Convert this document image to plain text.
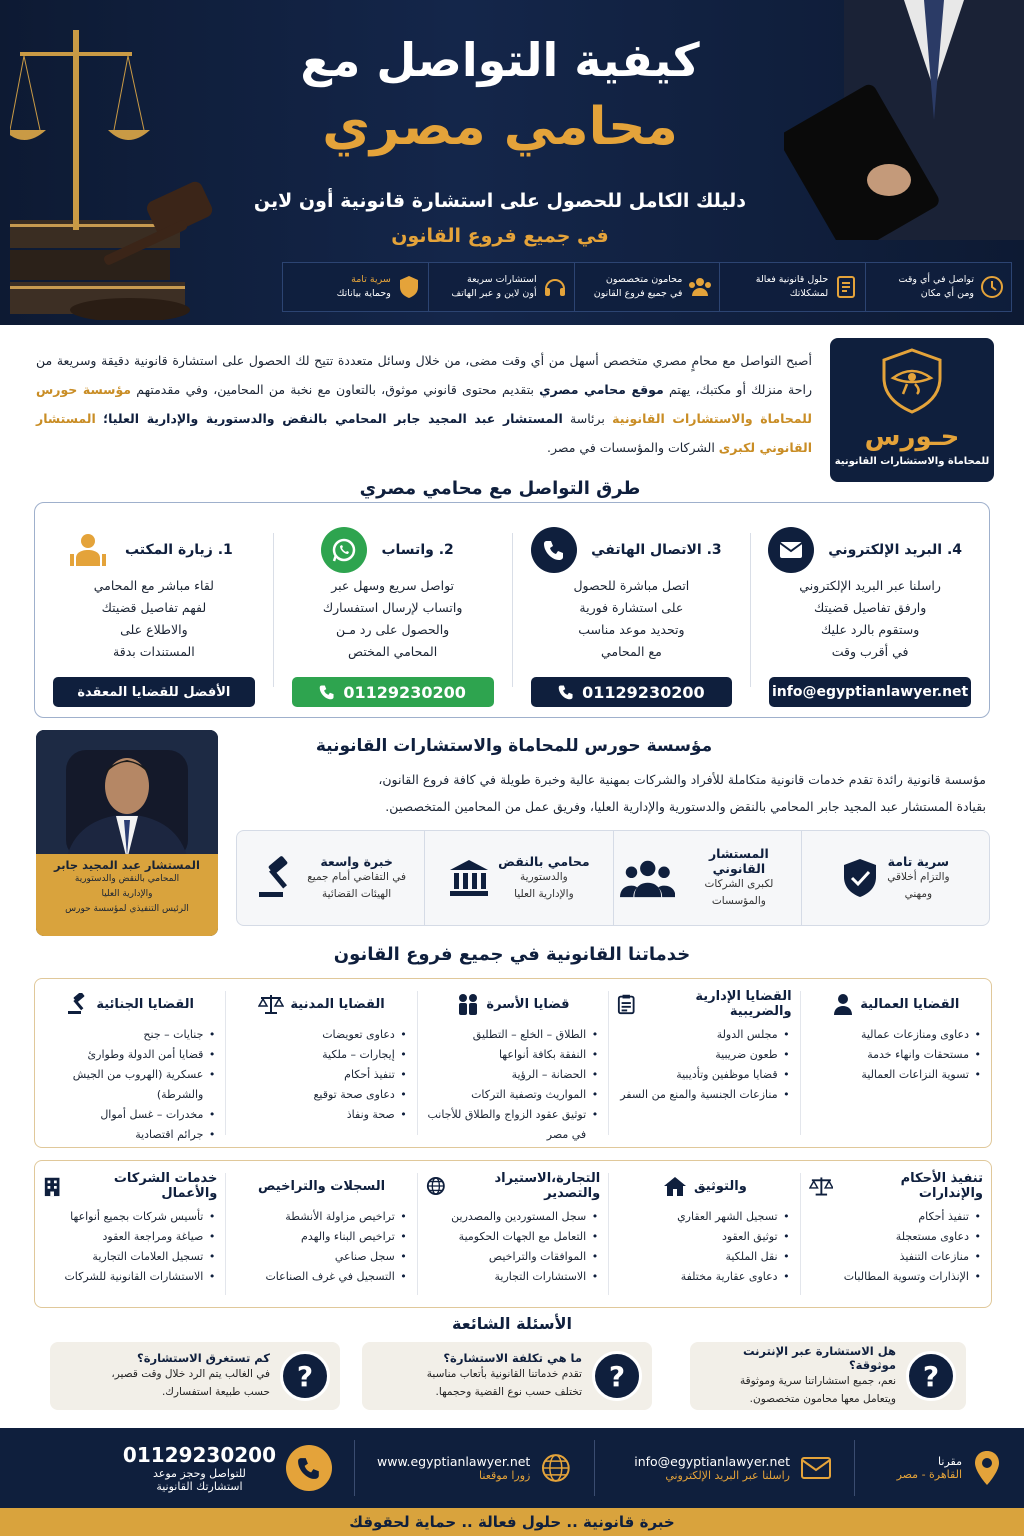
كيفية التواصل مع
محامي مصري
دليلك الكامل للحصول على استشارة قانونية أون لاين
في جميع فروع القانون
تواصل في أي وقت
ومن أي مكان
حلول قانونية فعالة
لمشكلاتك
محامون متخصصون
في جميع فروع القانون
استشارات سريعة
أون لاين و عبر الهاتف
سرية تامة
وحماية بياناتك
حـورس
للمحاماة والاستشارات القانونية
أصبح التواصل مع محامٍ مصري متخصص أسهل من أي وقت مضى، من خلال وسائل متعددة تتيح لك الحصول على استشارة قانونية دقيقة وسريعة من راحة منزلك أو مكتبك، يهتم موقع محامي مصري بتقديم محتوى قانوني موثوق، بالتعاون مع نخبة من المحامين، وفي مقدمتهم مؤسسة حورس للمحاماة والاستشارات القانونية برئاسة المستشار عبد المجيد جابر المحامي بالنقض والدستورية والإدارية العليا؛ المستشار القانوني لكبرى الشركات والمؤسسات في مصر.
طرق التواصل مع محامي مصري
4. البريد الإلكتروني
راسلنا عبر البريد الإلكتروني
وارفق تفاصيل قضيتك
وستقوم بالرد عليك
في أقرب وقت
info@egyptianlawyer.net
3. الاتصال الهاتفي
اتصل مباشرة للحصول
على استشارة فورية
وتحديد موعد مناسب
مع المحامي
01129230200
2. واتساب
تواصل سريع وسهل عبر
واتساب لإرسال استفسارك
والحصول على رد مـن
المحامي المختص
01129230200
1. زيارة المكتب
لقاء مباشر مع المحامي
لفهم تفاصيل قضيتك
والاطلاع على
المستندات بدقة
الأفضل للقضايا المعقدة
المستشار عبد المجيد جابر
المحامي بالنقض والدستورية
والإدارية العليا
الرئيس التنفيذي لمؤسسة حورس
مؤسسة حورس للمحاماة والاستشارات القانونية
مؤسسة قانونية رائدة تقدم خدمات قانونية متكاملة للأفراد والشركات بمهنية عالية وخبرة طويلة في كافة فروع القانون،
بقيادة المستشار عبد المجيد جابر المحامي بالنقض والدستورية والإدارية العليا، وفريق عمل من المحامين المتخصصين.
سرية تامة
والتزام أخلاقي
ومهني
المستشار القانوني
لكبرى الشركات
والمؤسسات
محامي بالنقض
والدستورية
والإدارية العليا
خبرة واسعة
في التقاضي أمام جميع
الهيئات القضائية
خدماتنا القانونية في جميع فروع القانون
القضايا العمالية
• دعاوى ومنازعات عمالية
• مستحقات وانهاء خدمة
• تسوية النزاعات العمالية
القضايا الإدارية والضريبية
• مجلس الدولة
• طعون ضريبية
• قضايا موظفين وتأديبية
• منازعات الجنسية والمنع من السفر
قضايا الأسرة
• الطلاق – الخلع – التطليق
• النفقة بكافة أنواعها
• الحضانة – الرؤية
• المواريث وتصفية التركات
• توثيق عقود الزواج والطلاق للأجانب في مصر
القضايا المدنية
• دعاوى تعويضات
• إيجارات – ملكية
• تنفيذ أحكام
• دعاوى صحة توقيع
• صحة ونفاذ
القضايا الجنائية
• جنايات – جنح
• قضايا أمن الدولة وطوارئ
• عسكرية (الهروب من الجيش والشرطة)
• مخدرات – غسل أموال
• جرائم اقتصادية
تنفيذ الأحكام والإندارات
• تنفيذ أحكام
• دعاوى مستعجلة
• منازعات التنفيذ
• الإنذارات وتسوية المطالبات
والتوثيق
• تسجيل الشهر العقاري
• توثيق العقود
• نقل الملكية
• دعاوى عقارية مختلفة
التجارة،الاستيراد والتصدير
• سجل المستوردين والمصدرين
• التعامل مع الجهات الحكومية
• الموافقات والتراخيص
• الاستشارات التجارية
السجلات والتراخيص
• تراخيص مزاولة الأنشطة
• تراخيص البناء والهدم
• سجل صناعي
• التسجيل في غرف الصناعات
خدمات الشركات والأعمال
• تأسيس شركات بجميع أنواعها
• صياغة ومراجعة العقود
• تسجيل العلامات التجارية
• الاستشارات القانونية للشركات
الأسئلة الشائعة
?
هل الاستشارة عبر الإنترنت موثوقة؟
نعم، جميع استشاراتنا سرية وموثوقة
ويتعامل معها محامون متخصصون.
?
ما هي تكلفة الاستشارة؟
تقدم خدماتنا القانونية بأتعاب مناسبة
تختلف حسب نوع القضية وحجمها.
?
كم تستغرق الاستشارة؟
في الغالب يتم الرد خلال وقت قصير،
حسب طبيعة استفسارك.
مقرنا
القاهرة - مصر
info@egyptianlawyer.net
راسلنا عبر البريد الإلكتروني
www.egyptianlawyer.net
زورا موقعنا
01129230200
للتواصل وحجز موعد
استشارتك القانونية
خبرة قانونية .. حلول فعالة .. حماية لحقوقك
